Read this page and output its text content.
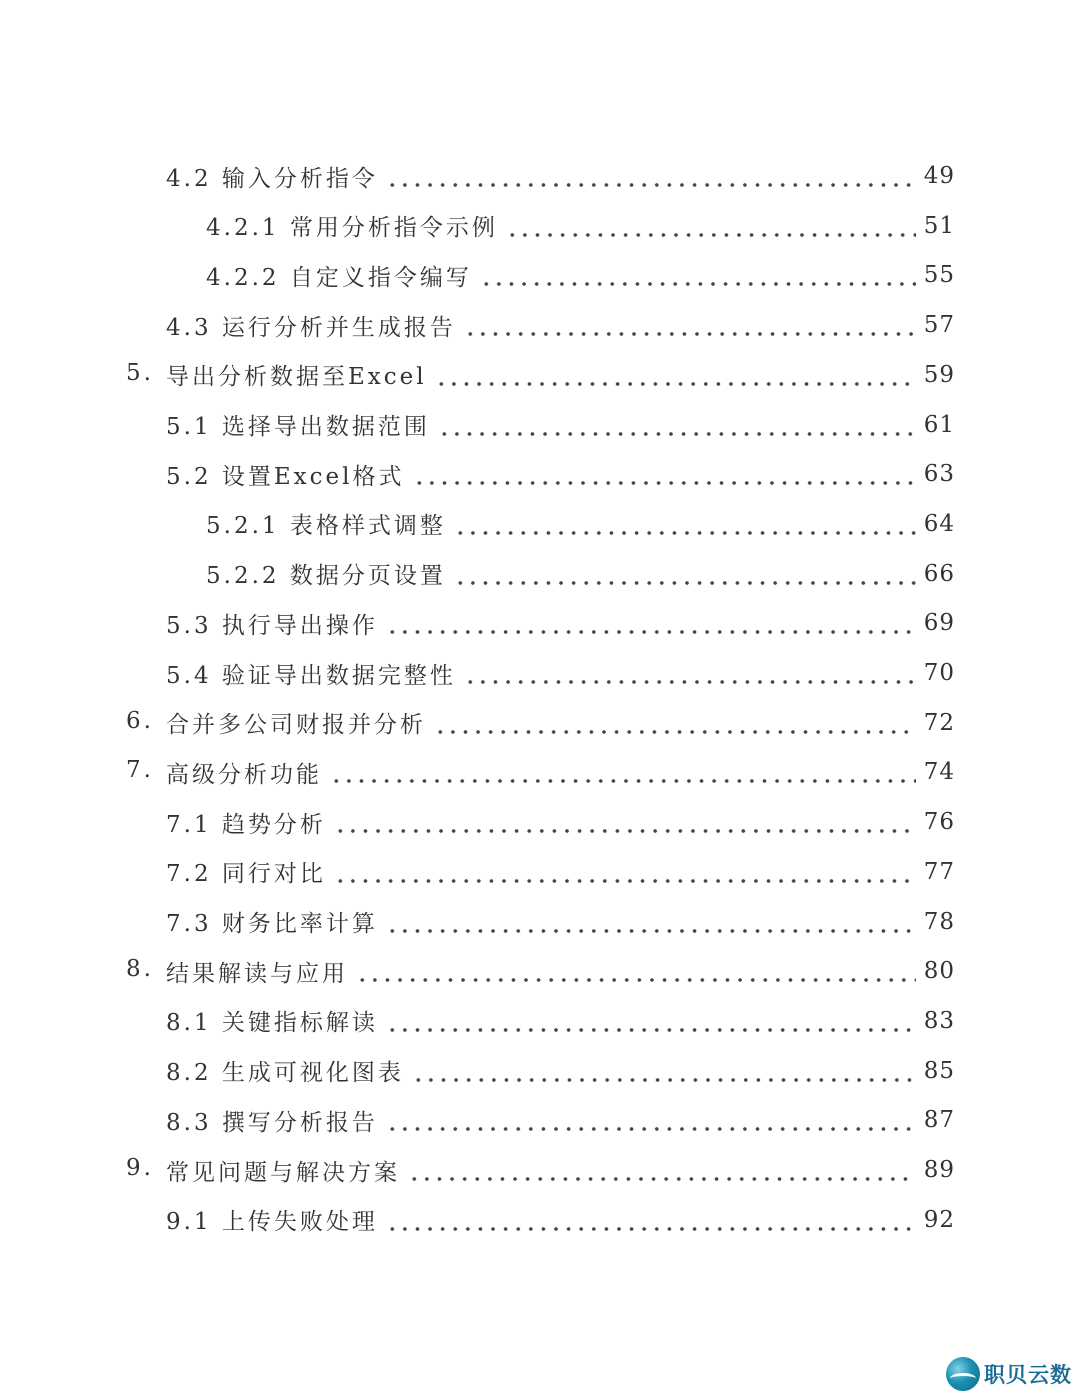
4.2 输入分析指令	49
4.2.1 常用分析指令示例	51
4.2.2 自定义指令编写	55
4.3 运行分析并生成报告	57
5. 导出分析数据至Excel	59
5.1 选择导出数据范围	61
5.2 设置Excel格式	63
5.2.1 表格样式调整	64
5.2.2 数据分页设置	66
5.3 执行导出操作	69
5.4 验证导出数据完整性	70
6. 合并多公司财报并分析	72
7. 高级分析功能	74
7.1 趋势分析	76
7.2 同行对比	77
7.3 财务比率计算	78
8. 结果解读与应用	80
8.1 关键指标解读	83
8.2 生成可视化图表	85
8.3 撰写分析报告	87
9. 常见问题与解决方案	89
9.1 上传失败处理	92
职贝云数
